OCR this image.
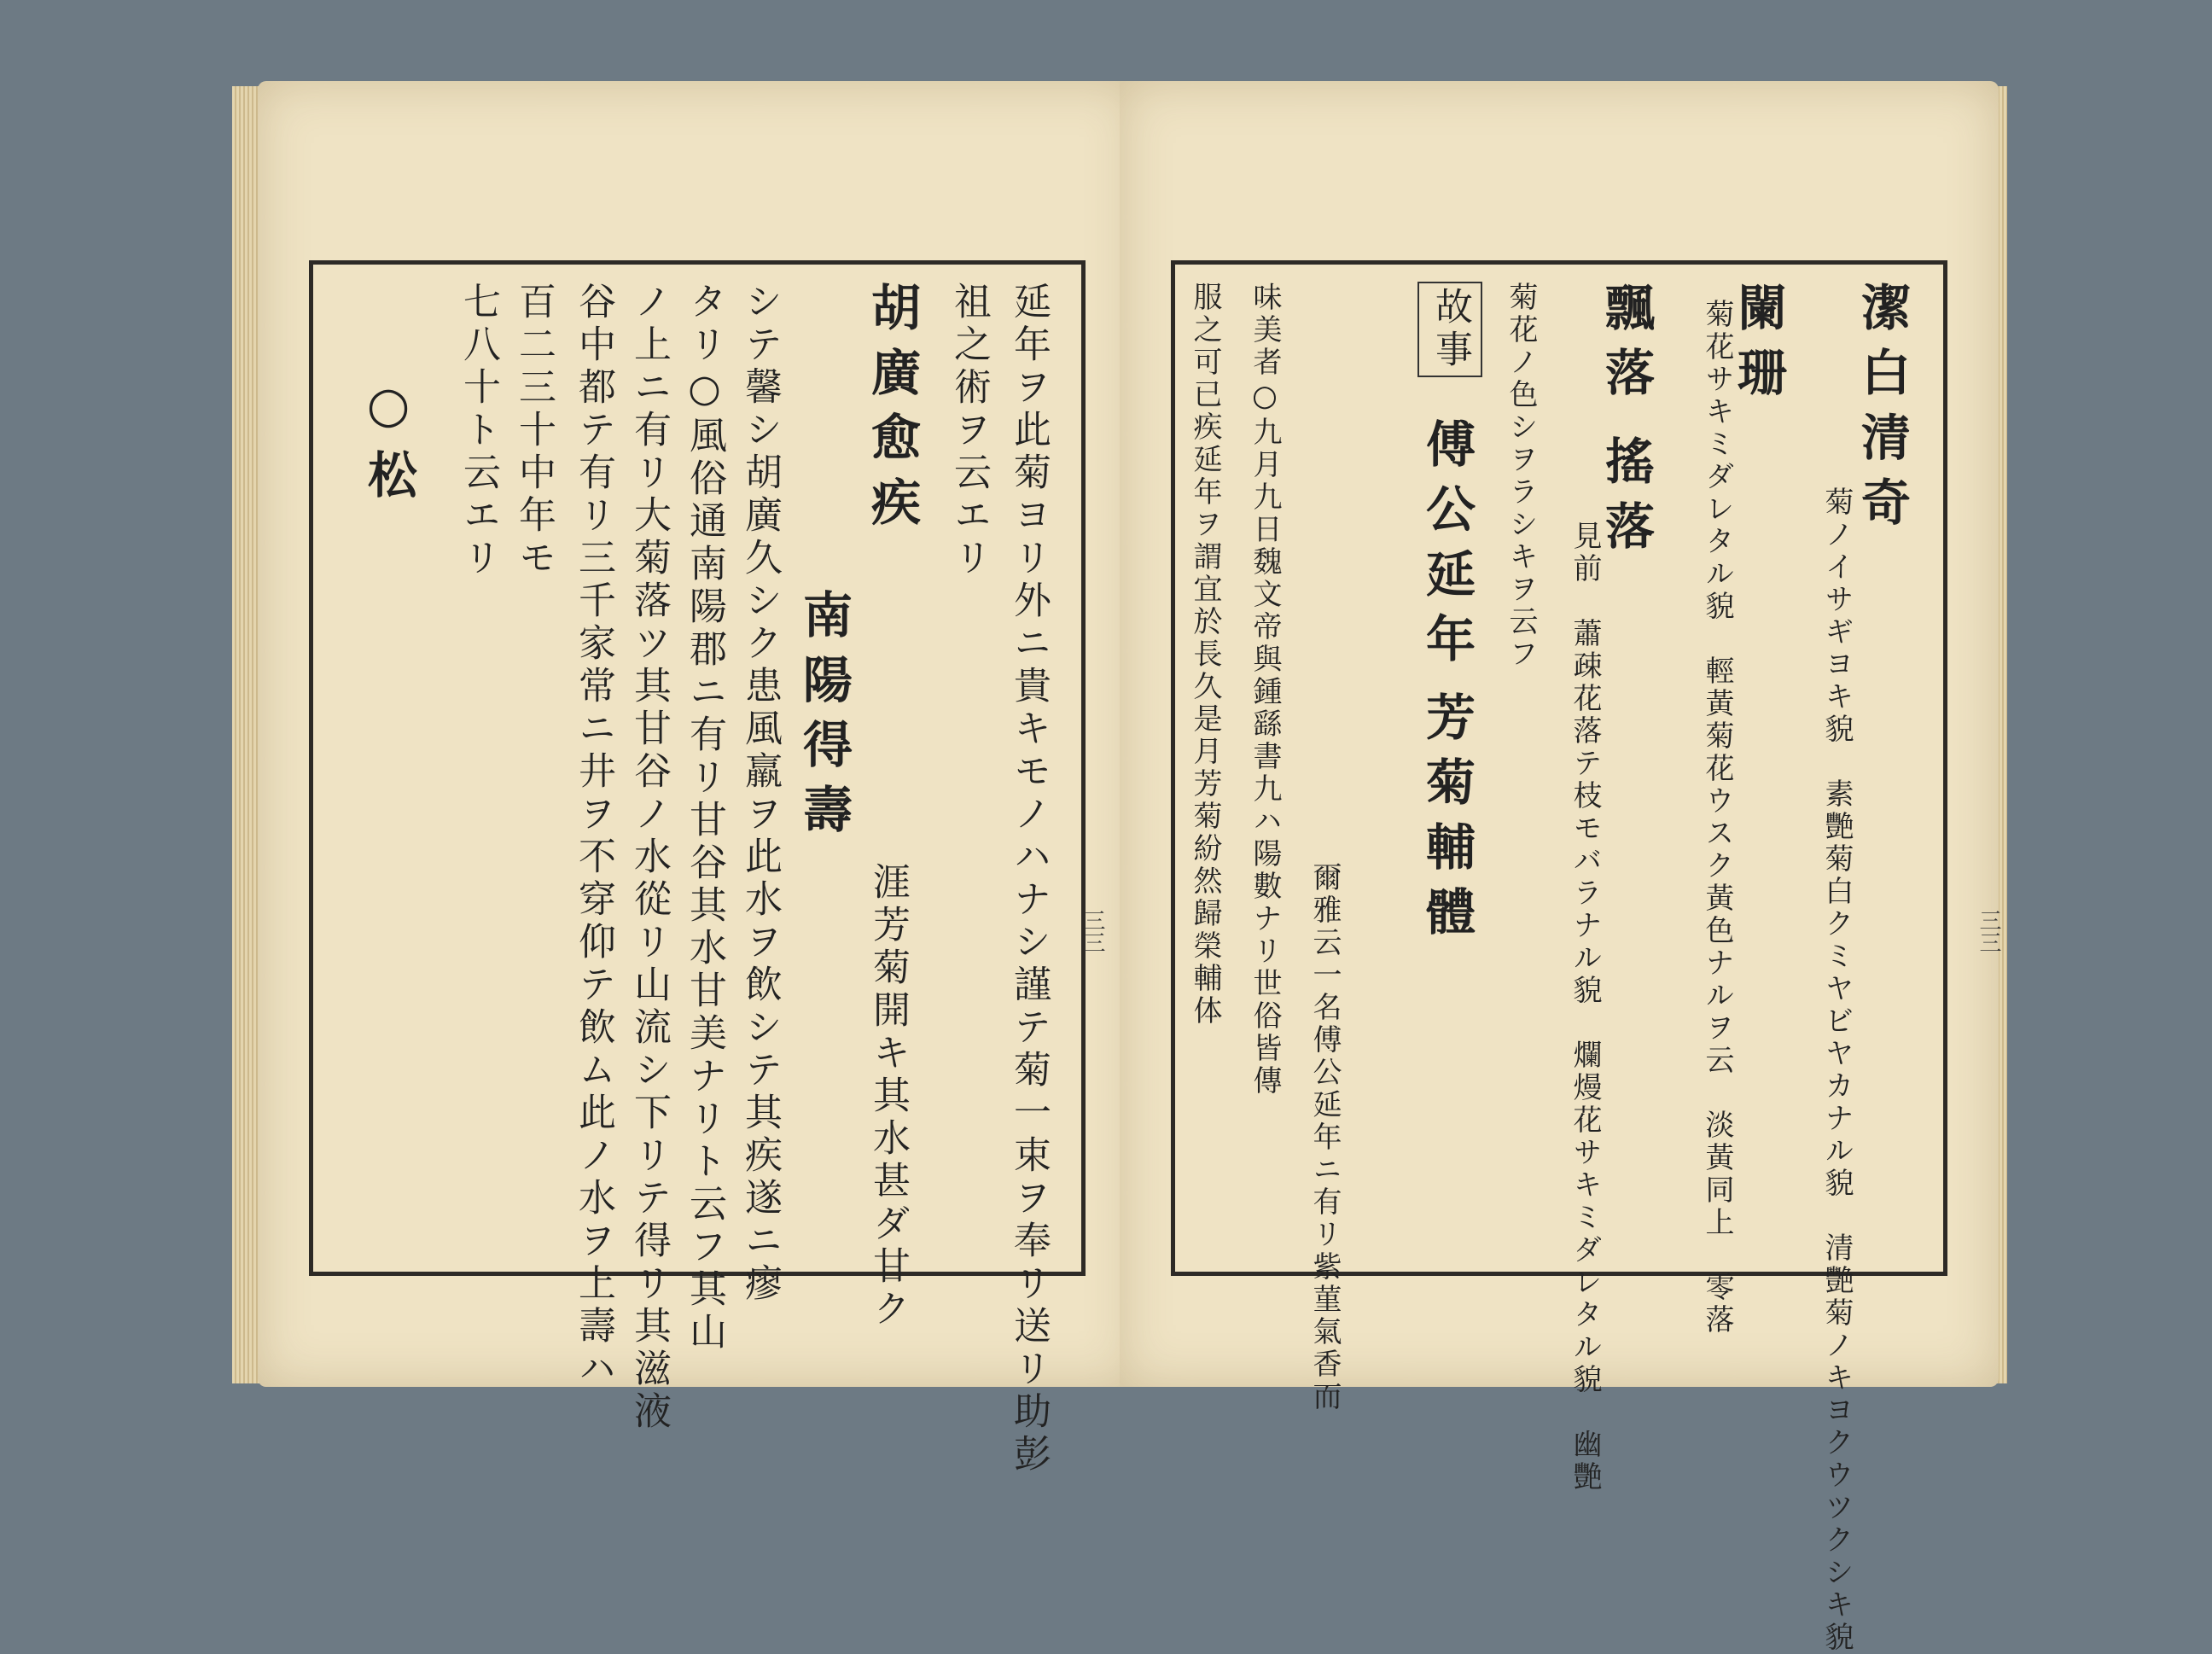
延年ヲ此菊ヨリ外ニ貴キモノハナシ謹テ菊一束ヲ奉リ送リ助彭
祖之術ヲ云エリ
胡廣愈疾
南陽得壽
涯芳菊開キ其水甚ダ甘ク
シテ馨シ胡廣久シク患風羸ヲ此水ヲ飲シテ其疾遂ニ瘳
タリ○風俗通南陽郡ニ有リ甘谷其水甘美ナリト云フ其山
ノ上ニ有リ大菊落ツ其甘谷ノ水從リ山流シ下リテ得リ其滋液
谷中都テ有リ三千家常ニ井ヲ不穿仰テ飲ム此ノ水ヲ上壽ハ
百二三十中年モ
七八十ト云エリ
○松
三三
潔白清奇
菊ノイサギヨキ貌　素艷菊白クミヤビヤカナル貌　清艷菊ノキヨクウツクシキ貌
闌珊
菊花サキミダレタル貌　輕黃菊花ウスク黃色ナルヲ云　淡黃同上　零落
飄落
搖落
見前　蕭疎花落テ枝モバラナル貌　爛熳花サキミダレタル貌　幽艷
菊花ノ色シヲラシキヲ云フ
故事
傅公延年
芳菊輔體
爾雅云一名傅公延年ニ有リ紫菫氣香而
味美者○九月九日魏文帝與鍾繇書九ハ陽數ナリ世俗皆傳
服之可已疾延年ヲ謂宜於長久是月芳菊紛然歸榮輔体	三三
